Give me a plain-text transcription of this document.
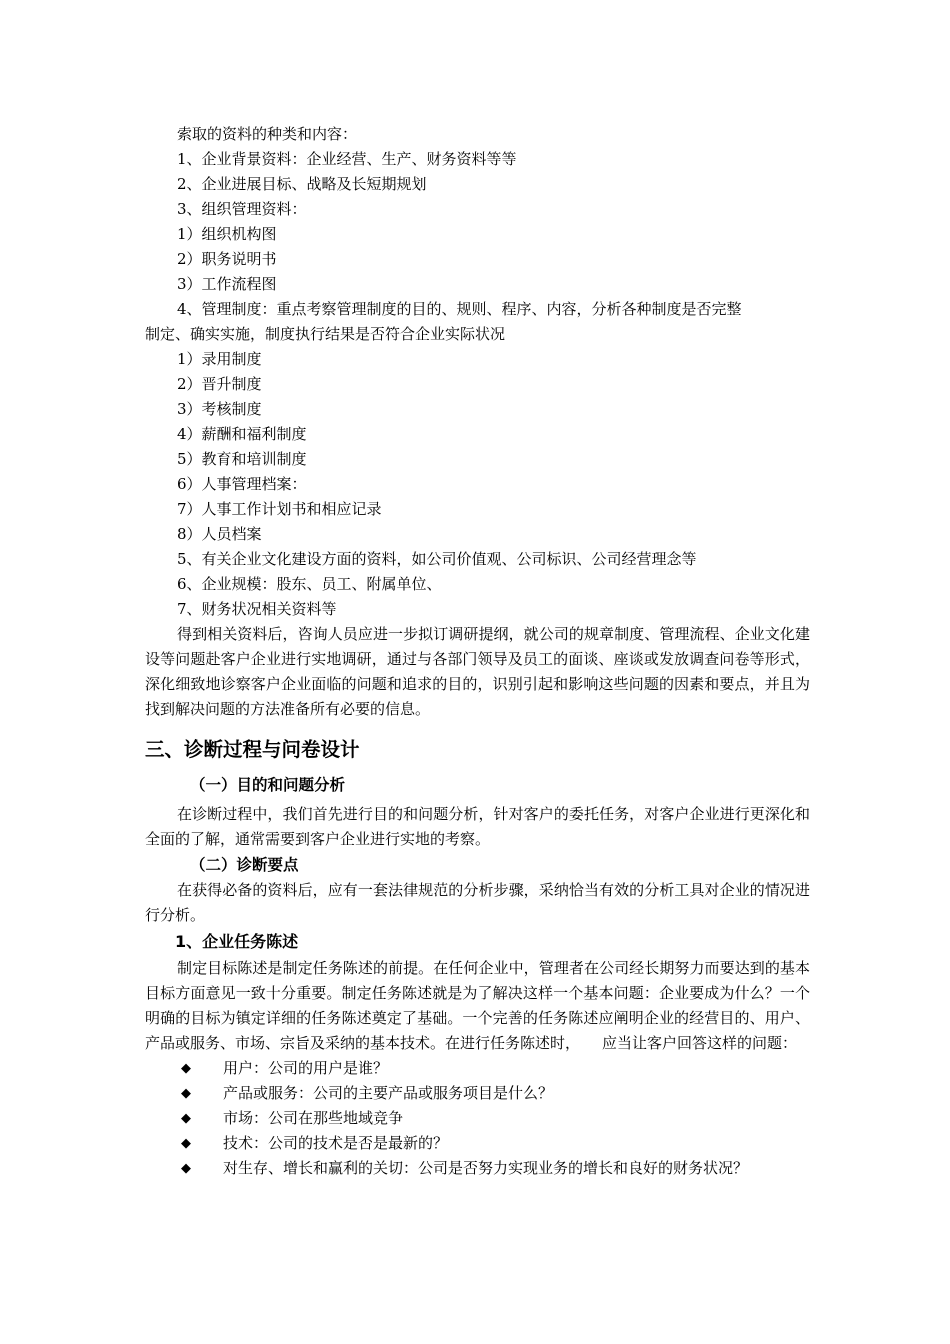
索取的资料的种类和内容：
1、企业背景资料：企业经营、生产、财务资料等等
2、企业进展目标、战略及长短期规划
3、组织管理资料：
1）组织机构图
2）职务说明书
3）工作流程图
4、管理制度：重点考察管理制度的目的、规则、程序、内容，分析各种制度是否完整
制定、确实实施，制度执行结果是否符合企业实际状况
1）录用制度
2）晋升制度
3）考核制度
4）薪酬和福利制度
5）教育和培训制度
6）人事管理档案：
7）人事工作计划书和相应记录
8）人员档案
5、有关企业文化建设方面的资料，如公司价值观、公司标识、公司经营理念等
6、企业规模：股东、员工、附属单位、
7、财务状况相关资料等
得到相关资料后，咨询人员应进一步拟订调研提纲，就公司的规章制度、管理流程、企业文化建设等问题赴客户企业进行实地调研，通过与各部门领导及员工的面谈、座谈或发放调查问卷等形式，深化细致地诊察客户企业面临的问题和追求的目的，识别引起和影响这些问题的因素和要点，并且为找到解决问题的方法准备所有必要的信息。
三、诊断过程与问卷设计
（一）目的和问题分析
在诊断过程中，我们首先进行目的和问题分析，针对客户的委托任务，对客户企业进行更深化和全面的了解，通常需要到客户企业进行实地的考察。
（二）诊断要点
在获得必备的资料后，应有一套法律规范的分析步骤，采纳恰当有效的分析工具对企业的情况进行分析。
1、企业任务陈述
制定目标陈述是制定任务陈述的前提。在任何企业中，管理者在公司经长期努力而要达到的基本目标方面意见一致十分重要。制定任务陈述就是为了解决这样一个基本问题：企业要成为什么？一个明确的目标为镇定详细的任务陈述奠定了基础。一个完善的任务陈述应阐明企业的经营目的、用户、产品或服务、市场、宗旨及采纳的基本技术。在进行任务陈述时， 应当让客户回答这样的问题：
◆ 用户：公司的用户是谁？
◆ 产品或服务：公司的主要产品或服务项目是什么？
◆ 市场：公司在那些地域竞争
◆ 技术：公司的技术是否是最新的？
◆ 对生存、增长和赢利的关切：公司是否努力实现业务的增长和良好的财务状况？
